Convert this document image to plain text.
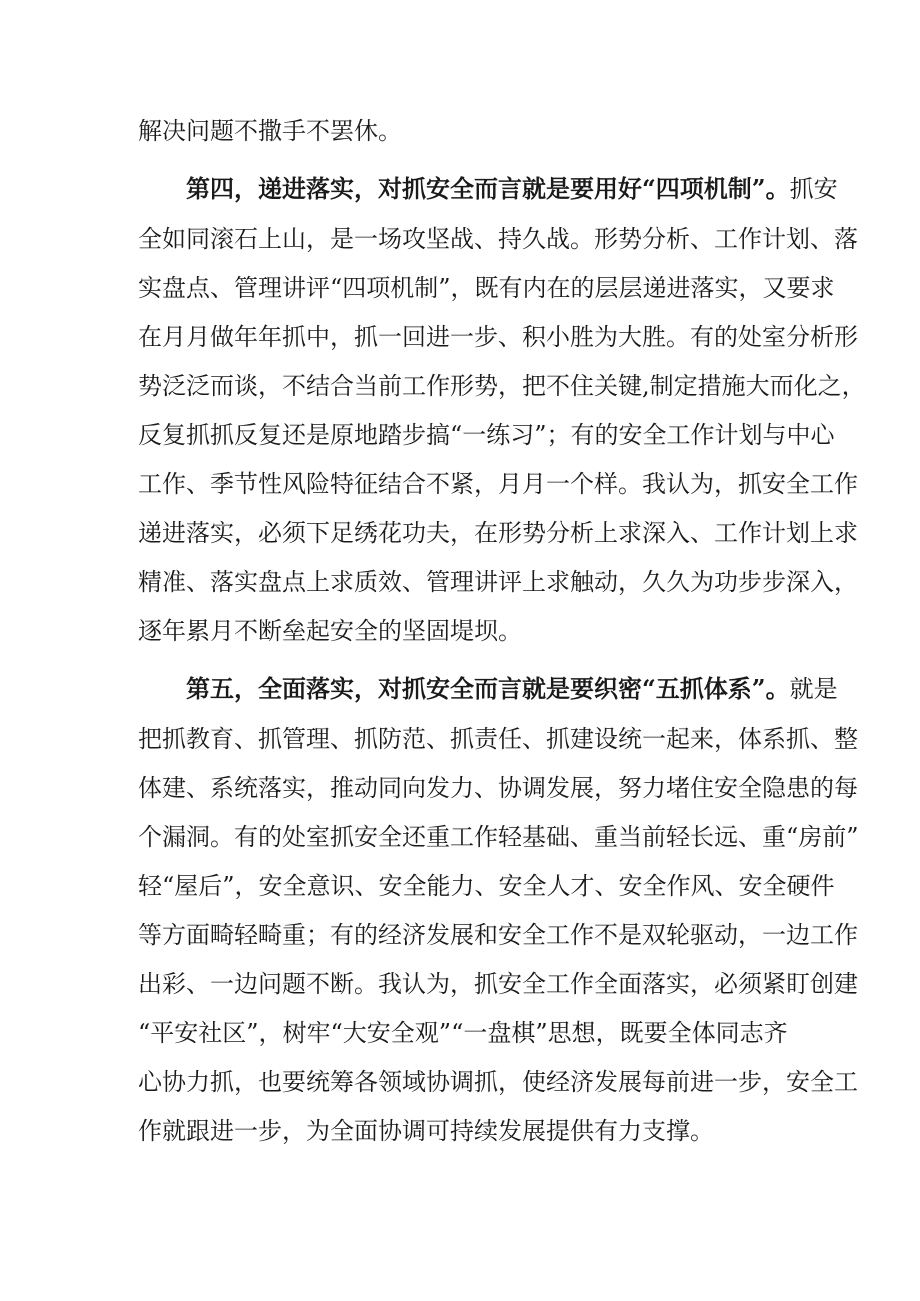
解决问题不撒手不罢休。
第四，递进落实，对抓安全而言就是要用好“四项机制”。抓安
全如同滚石上山，是一场攻坚战、持久战。形势分析、工作计划、落
实盘点、管理讲评“四项机制”，既有内在的层层递进落实，又要求
在月月做年年抓中，抓一回进一步、积小胜为大胜。有的处室分析形
势泛泛而谈，不结合当前工作形势，把不住关键,制定措施大而化之，
反复抓抓反复还是原地踏步搞“一练习”；有的安全工作计划与中心
工作、季节性风险特征结合不紧，月月一个样。我认为，抓安全工作
递进落实，必须下足绣花功夫，在形势分析上求深入、工作计划上求
精准、落实盘点上求质效、管理讲评上求触动，久久为功步步深入，
逐年累月不断垒起安全的坚固堤坝。
第五，全面落实，对抓安全而言就是要织密“五抓体系”。就是
把抓教育、抓管理、抓防范、抓责任、抓建设统一起来，体系抓、整
体建、系统落实，推动同向发力、协调发展，努力堵住安全隐患的每
个漏洞。有的处室抓安全还重工作轻基础、重当前轻长远、重“房前”
轻“屋后”，安全意识、安全能力、安全人才、安全作风、安全硬件
等方面畸轻畸重；有的经济发展和安全工作不是双轮驱动，一边工作
出彩、一边问题不断。我认为，抓安全工作全面落实，必须紧盯创建
“平安社区”，树牢“大安全观”“一盘棋”思想，既要全体同志齐
心协力抓，也要统筹各领域协调抓，使经济发展每前进一步，安全工
作就跟进一步，为全面协调可持续发展提供有力支撑。
